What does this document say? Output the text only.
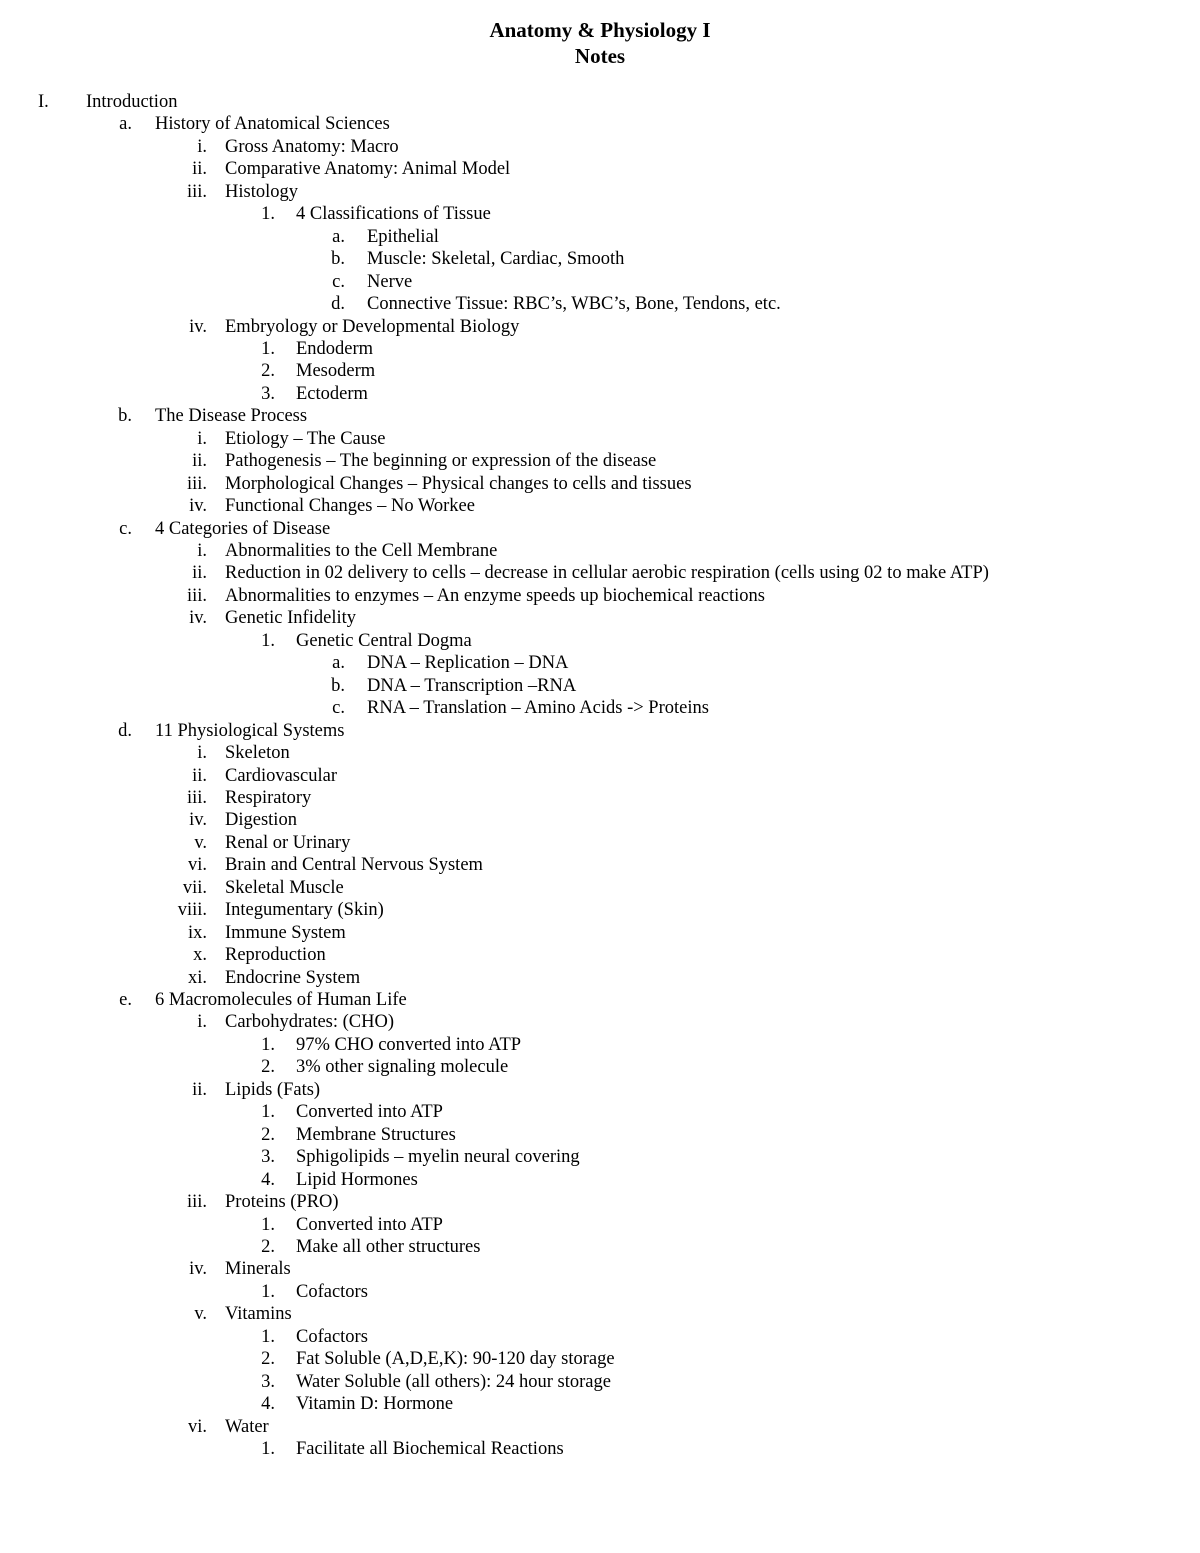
Anatomy & Physiology I
Notes
I.	Introduction
a. History of Anatomical Sciences
i. Gross Anatomy: Macro
ii. Comparative Anatomy: Animal Model
iii. Histology
1. 4 Classifications of Tissue
a. Epithelial
b. Muscle: Skeletal, Cardiac, Smooth
c. Nerve
d. Connective Tissue: RBC’s, WBC’s, Bone, Tendons, etc.
iv. Embryology or Developmental Biology
1. Endoderm
2. Mesoderm
3. Ectoderm
b. The Disease Process
i. Etiology – The Cause
ii. Pathogenesis – The beginning or expression of the disease
iii. Morphological Changes – Physical changes to cells and tissues
iv. Functional Changes – No Workee
c. 4 Categories of Disease
i. Abnormalities to the Cell Membrane
ii. Reduction in 02 delivery to cells – decrease in cellular aerobic respiration (cells using 02 to make ATP)
iii. Abnormalities to enzymes – An enzyme speeds up biochemical reactions
iv. Genetic Infidelity
1. Genetic Central Dogma
a. DNA – Replication – DNA
b. DNA – Transcription –RNA
c. RNA – Translation – Amino Acids -> Proteins
d. 11 Physiological Systems
i. Skeleton
ii. Cardiovascular
iii. Respiratory
iv. Digestion
v. Renal or Urinary
vi. Brain and Central Nervous System
vii. Skeletal Muscle
viii. Integumentary (Skin)
ix. Immune System
x. Reproduction
xi. Endocrine System
e. 6 Macromolecules of Human Life
i. Carbohydrates: (CHO)
1. 97% CHO converted into ATP
2. 3% other signaling molecule
ii. Lipids (Fats)
1. Converted into ATP
2. Membrane Structures
3. Sphigolipids – myelin neural covering
4. Lipid Hormones
iii. Proteins (PRO)
1. Converted into ATP
2. Make all other structures
iv. Minerals
1. Cofactors
v. Vitamins
1. Cofactors
2. Fat Soluble (A,D,E,K): 90-120 day storage
3. Water Soluble (all others): 24 hour storage
4. Vitamin D: Hormone
vi. Water
1. Facilitate all Biochemical Reactions
